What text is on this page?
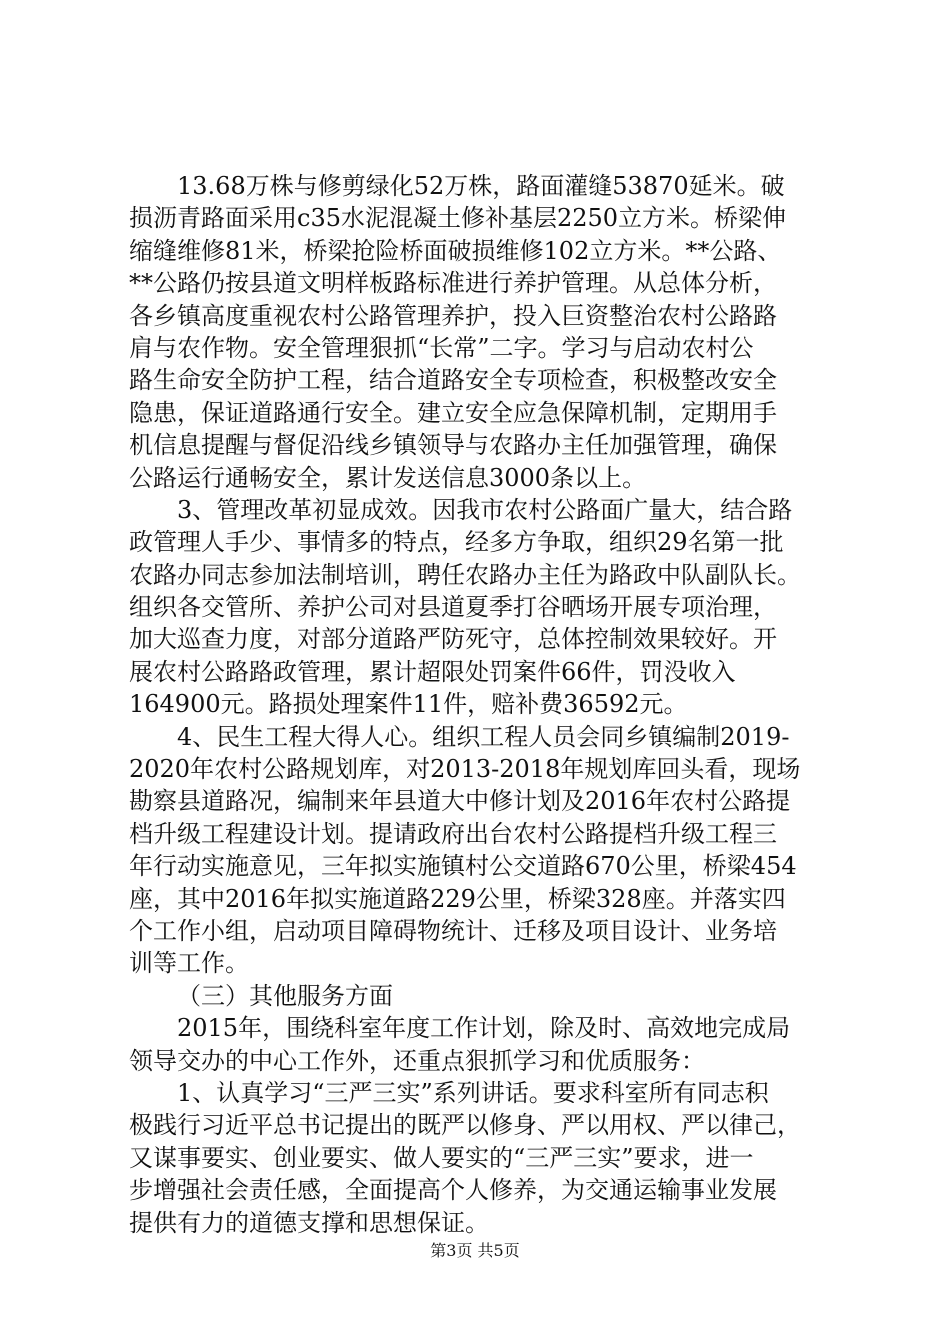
13.68万株与修剪绿化52万株，路面灌缝53870延米。破
损沥青路面采用c35水泥混凝土修补基层2250立方米。桥梁伸
缩缝维修81米，桥梁抢险桥面破损维修102立方米。**公路、
**公路仍按县道文明样板路标准进行养护管理。从总体分析，
各乡镇高度重视农村公路管理养护，投入巨资整治农村公路路
肩与农作物。安全管理狠抓“长常”二字。学习与启动农村公
路生命安全防护工程，结合道路安全专项检查，积极整改安全
隐患，保证道路通行安全。建立安全应急保障机制，定期用手
机信息提醒与督促沿线乡镇领导与农路办主任加强管理，确保
公路运行通畅安全，累计发送信息3000条以上。
3、管理改革初显成效。因我市农村公路面广量大，结合路
政管理人手少、事情多的特点，经多方争取，组织29名第一批
农路办同志参加法制培训，聘任农路办主任为路政中队副队长。
组织各交管所、养护公司对县道夏季打谷晒场开展专项治理，
加大巡查力度，对部分道路严防死守，总体控制效果较好。开
展农村公路路政管理，累计超限处罚案件66件，罚没收入
164900元。路损处理案件11件，赔补费36592元。
4、民生工程大得人心。组织工程人员会同乡镇编制2019-
2020年农村公路规划库，对2013-2018年规划库回头看，现场
勘察县道路况，编制来年县道大中修计划及2016年农村公路提
档升级工程建设计划。提请政府出台农村公路提档升级工程三
年行动实施意见，三年拟实施镇村公交道路670公里，桥梁454
座，其中2016年拟实施道路229公里，桥梁328座。并落实四
个工作小组，启动项目障碍物统计、迁移及项目设计、业务培
训等工作。
（三）其他服务方面
2015年，围绕科室年度工作计划，除及时、高效地完成局
领导交办的中心工作外，还重点狠抓学习和优质服务：
1、认真学习“三严三实”系列讲话。要求科室所有同志积
极践行习近平总书记提出的既严以修身、严以用权、严以律己，
又谋事要实、创业要实、做人要实的“三严三实”要求，进一
步增强社会责任感，全面提高个人修养，为交通运输事业发展
提供有力的道德支撑和思想保证。
第3页 共5页
